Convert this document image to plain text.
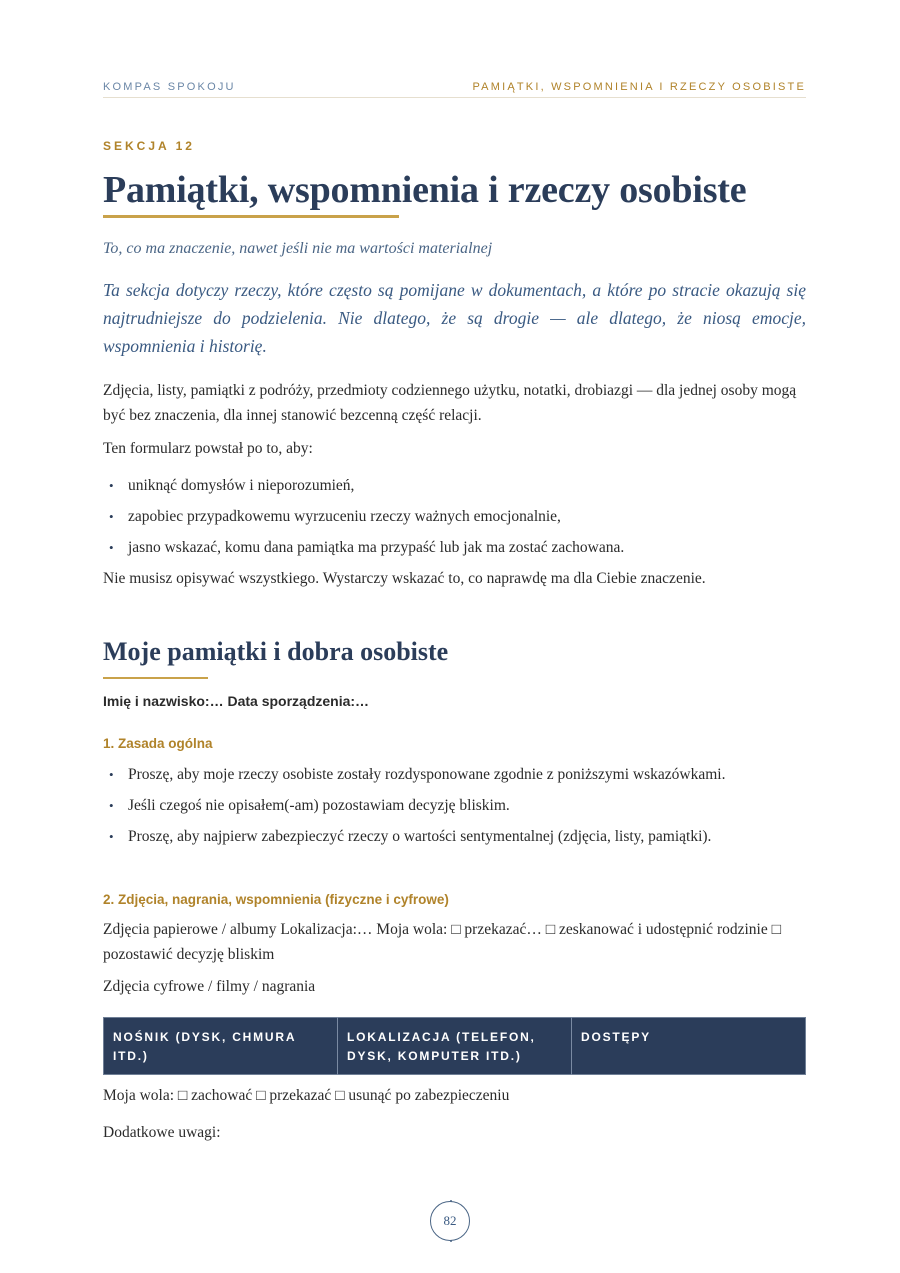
KOMPAS SPOKOJU	PAMIĄTKI, WSPOMNIENIA I RZECZY OSOBISTE
SEKCJA 12
Pamiątki, wspomnienia i rzeczy osobiste

To, co ma znaczenie, nawet jeśli nie ma wartości materialnej

Ta sekcja dotyczy rzeczy, które często są pomijane w dokumentach, a które po stracie okazują się najtrudniejsze do podzielenia. Nie dlatego, że są drogie — ale dlatego, że niosą emocje, wspomnienia i historię.

Zdjęcia, listy, pamiątki z podróży, przedmioty codziennego użytku, notatki, drobiazgi — dla jednej osoby mogą być bez znaczenia, dla innej stanowić bezcenną część relacji.

Ten formularz powstał po to, aby:

• uniknąć domysłów i nieporozumień,
• zapobiec przypadkowemu wyrzuceniu rzeczy ważnych emocjonalnie,
• jasno wskazać, komu dana pamiątka ma przypaść lub jak ma zostać zachowana.

Nie musisz opisywać wszystkiego. Wystarczy wskazać to, co naprawdę ma dla Ciebie znaczenie.

Moje pamiątki i dobra osobiste

Imię i nazwisko:… Data sporządzenia:…

1. Zasada ogólna
• Proszę, aby moje rzeczy osobiste zostały rozdysponowane zgodnie z poniższymi wskazówkami.
• Jeśli czegoś nie opisałem(-am) pozostawiam decyzję bliskim.
• Proszę, aby najpierw zabezpieczyć rzeczy o wartości sentymentalnej (zdjęcia, listy, pamiątki).
2. Zdjęcia, nagrania, wspomnienia (fizyczne i cyfrowe)

Zdjęcia papierowe / albumy Lokalizacja:… Moja wola: □ przekazać… □ zeskanować i udostępnić rodzinie □ pozostawić decyzję bliskim

Zdjęcia cyfrowe / filmy / nagrania

NOŚNIK (DYSK, CHMURA ITD.)	LOKALIZACJA (TELEFON, DYSK, KOMPUTER ITD.)	DOSTĘPY

Moja wola: □ zachować □ przekazać □ usunąć po zabezpieczeniu

Dodatkowe uwagi:

82
